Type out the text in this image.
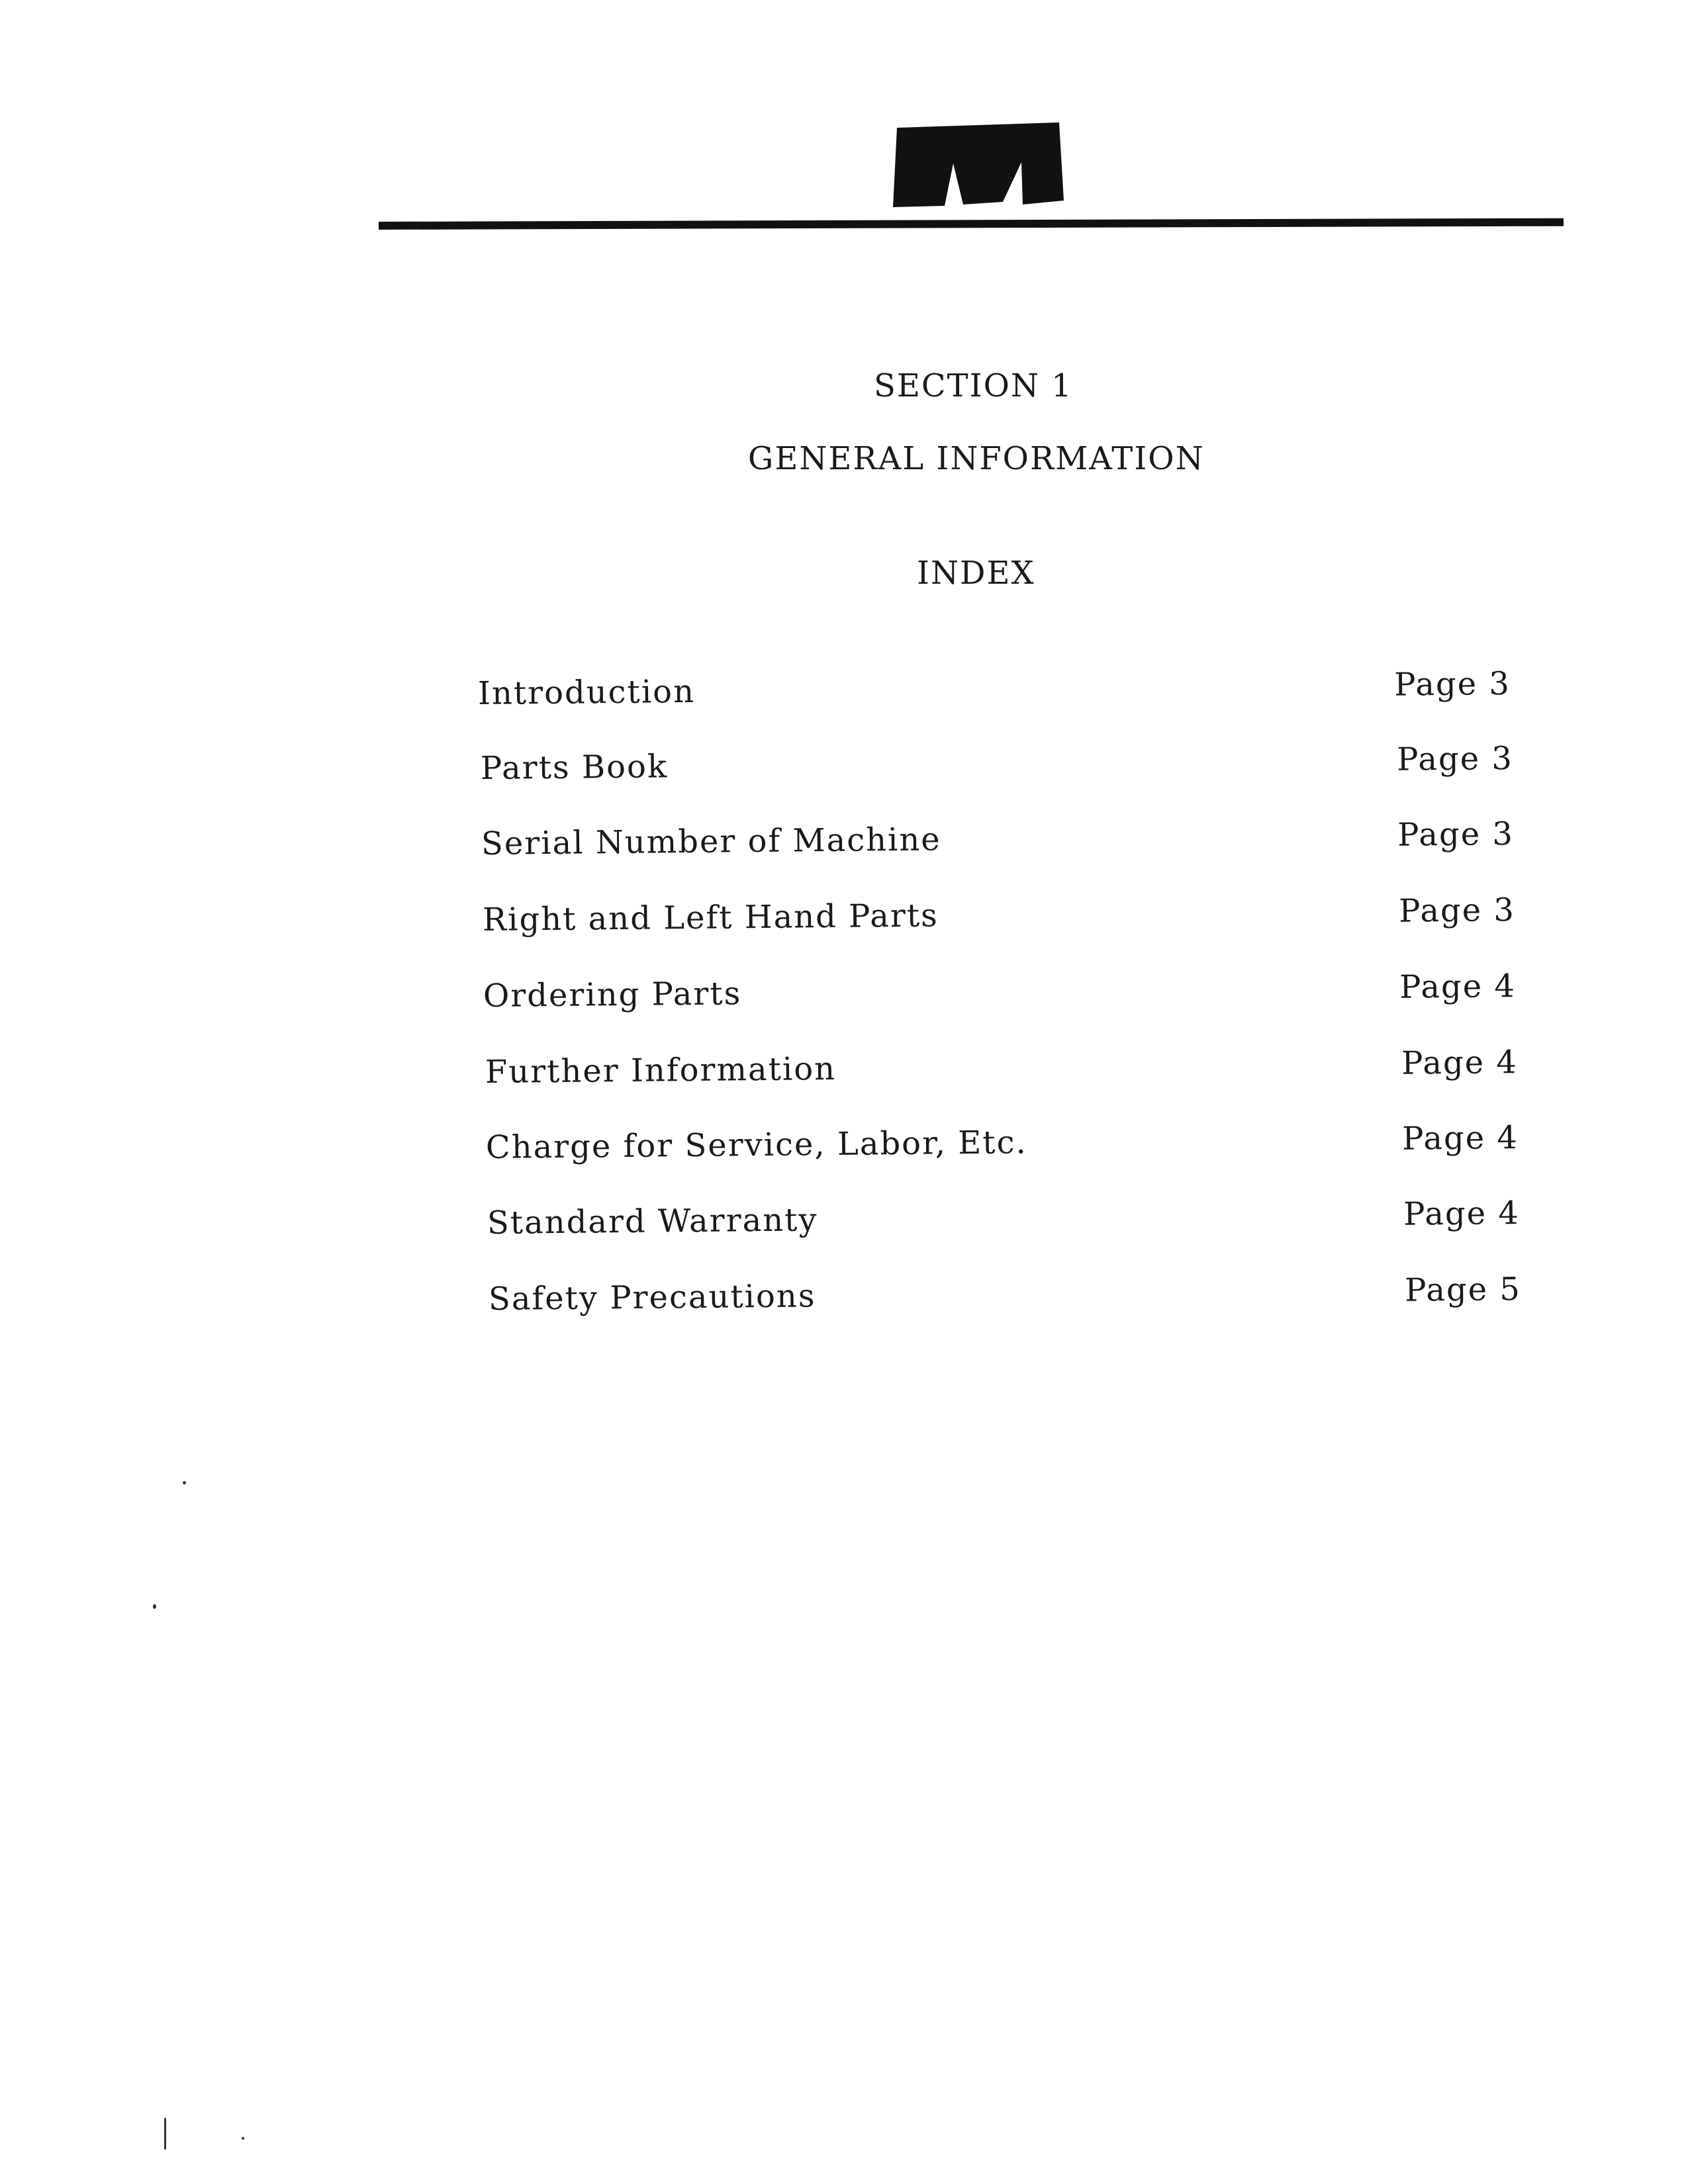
SECTION 1
GENERAL INFORMATION
INDEX
Introduction	Page 3
Parts Book	Page 3
Serial Number of Machine	Page 3
Right and Left Hand Parts	Page 3
Ordering Parts	Page 4
Further Information	Page 4
Charge for Service, Labor, Etc.	Page 4
Standard Warranty	Page 4
Safety Precautions	Page 5
